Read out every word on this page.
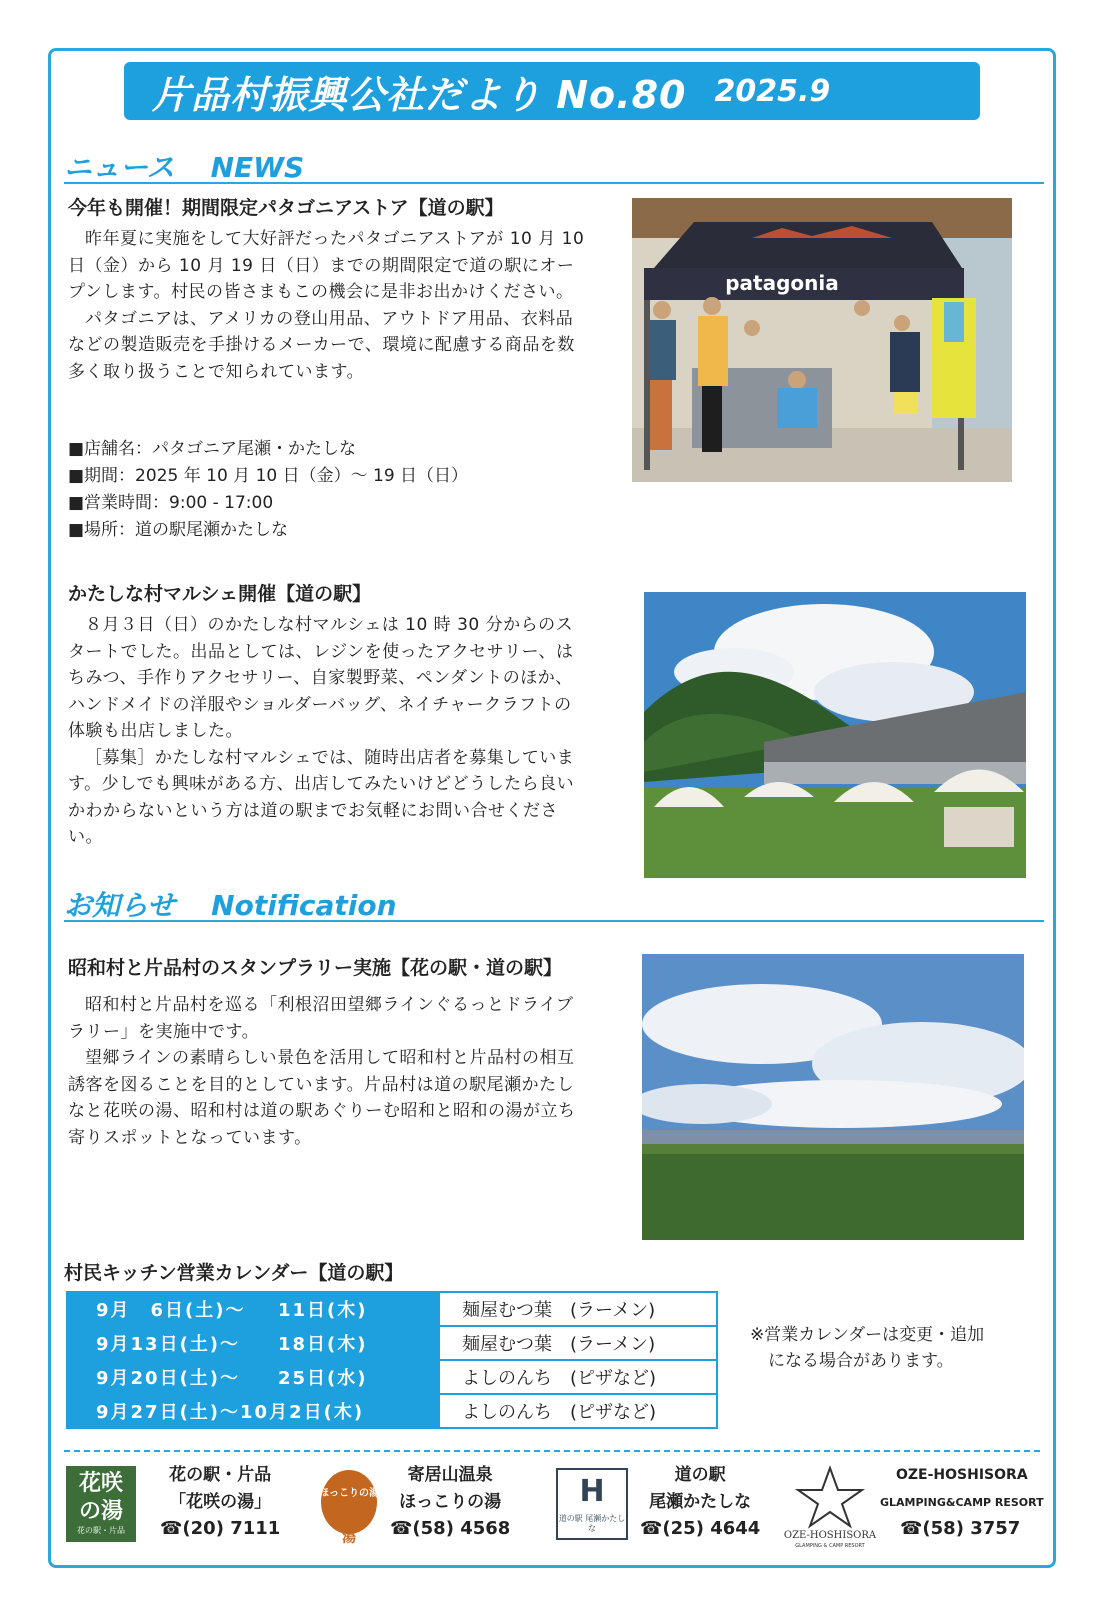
片品村振興公社だより No.80 2025.9
ニュース NEWS
今年も開催！期間限定パタゴニアストア【道の駅】

昨年夏に実施をして大好評だったパタゴニアストアが 10 月 10 日（金）から 10 月 19 日（日）までの期間限定で道の駅にオープンします。村民の皆さまもこの機会に是非お出かけください。

パタゴニアは、アメリカの登山用品、アウトドア用品、衣料品などの製造販売を手掛けるメーカーで、環境に配慮する商品を数多く取り扱うことで知られています。

■店舗名：パタゴニア尾瀬・かたしな
■期間：2025 年 10 月 10 日（金）～ 19 日（日）
■営業時間：9:00 - 17:00
■場所：道の駅尾瀬かたしな
patagonia
かたしな村マルシェ開催【道の駅】

８月３日（日）のかたしな村マルシェは 10 時 30 分からのスタートでした。出品としては、レジンを使ったアクセサリー、はちみつ、手作りアクセサリー、自家製野菜、ペンダントのほか、ハンドメイドの洋服やショルダーバッグ、ネイチャークラフトの体験も出店しました。

［募集］かたしな村マルシェでは、随時出店者を募集しています。少しでも興味がある方、出店してみたいけどどうしたら良いかわからないという方は道の駅までお気軽にお問い合せください。

お知らせ Notification
昭和村と片品村のスタンプラリー実施【花の駅・道の駅】

昭和村と片品村を巡る「利根沼田望郷ラインぐるっとドライブラリー」を実施中です。

望郷ラインの素晴らしい景色を活用して昭和村と片品村の相互誘客を図ることを目的としています。片品村は道の駅尾瀬かたしなと花咲の湯、昭和村は道の駅あぐりーむ昭和と昭和の湯が立ち寄りスポットとなっています。

村民キッチン営業カレンダー【道の駅】
9月　6日(土)～ 11日(木)	麺屋むつ葉　(ラーメン)
9月13日(土)～ 18日(木)	麺屋むつ葉　(ラーメン)
9月20日(土)～ 25日(水)	よしのんち　(ピザなど)
9月27日(土)～10月2日(木)	よしのんち　(ピザなど)
※営業カレンダーは変更・追加
になる場合があります。
花咲
の湯
花の駅・片品
花の駅・片品
「花咲の湯」
☎(20) 7111
ほっこりの湯
湯
寄居山温泉
ほっこりの湯
☎(58) 4568
H
道の駅 尾瀬かたしな
道の駅
尾瀬かたしな
☎(25) 4644 OZE-HOSHISORA
GLAMPING & CAMP RESORT
OZE-HOSHISORA
GLAMPING&CAMP RESORT
☎(58) 3757
